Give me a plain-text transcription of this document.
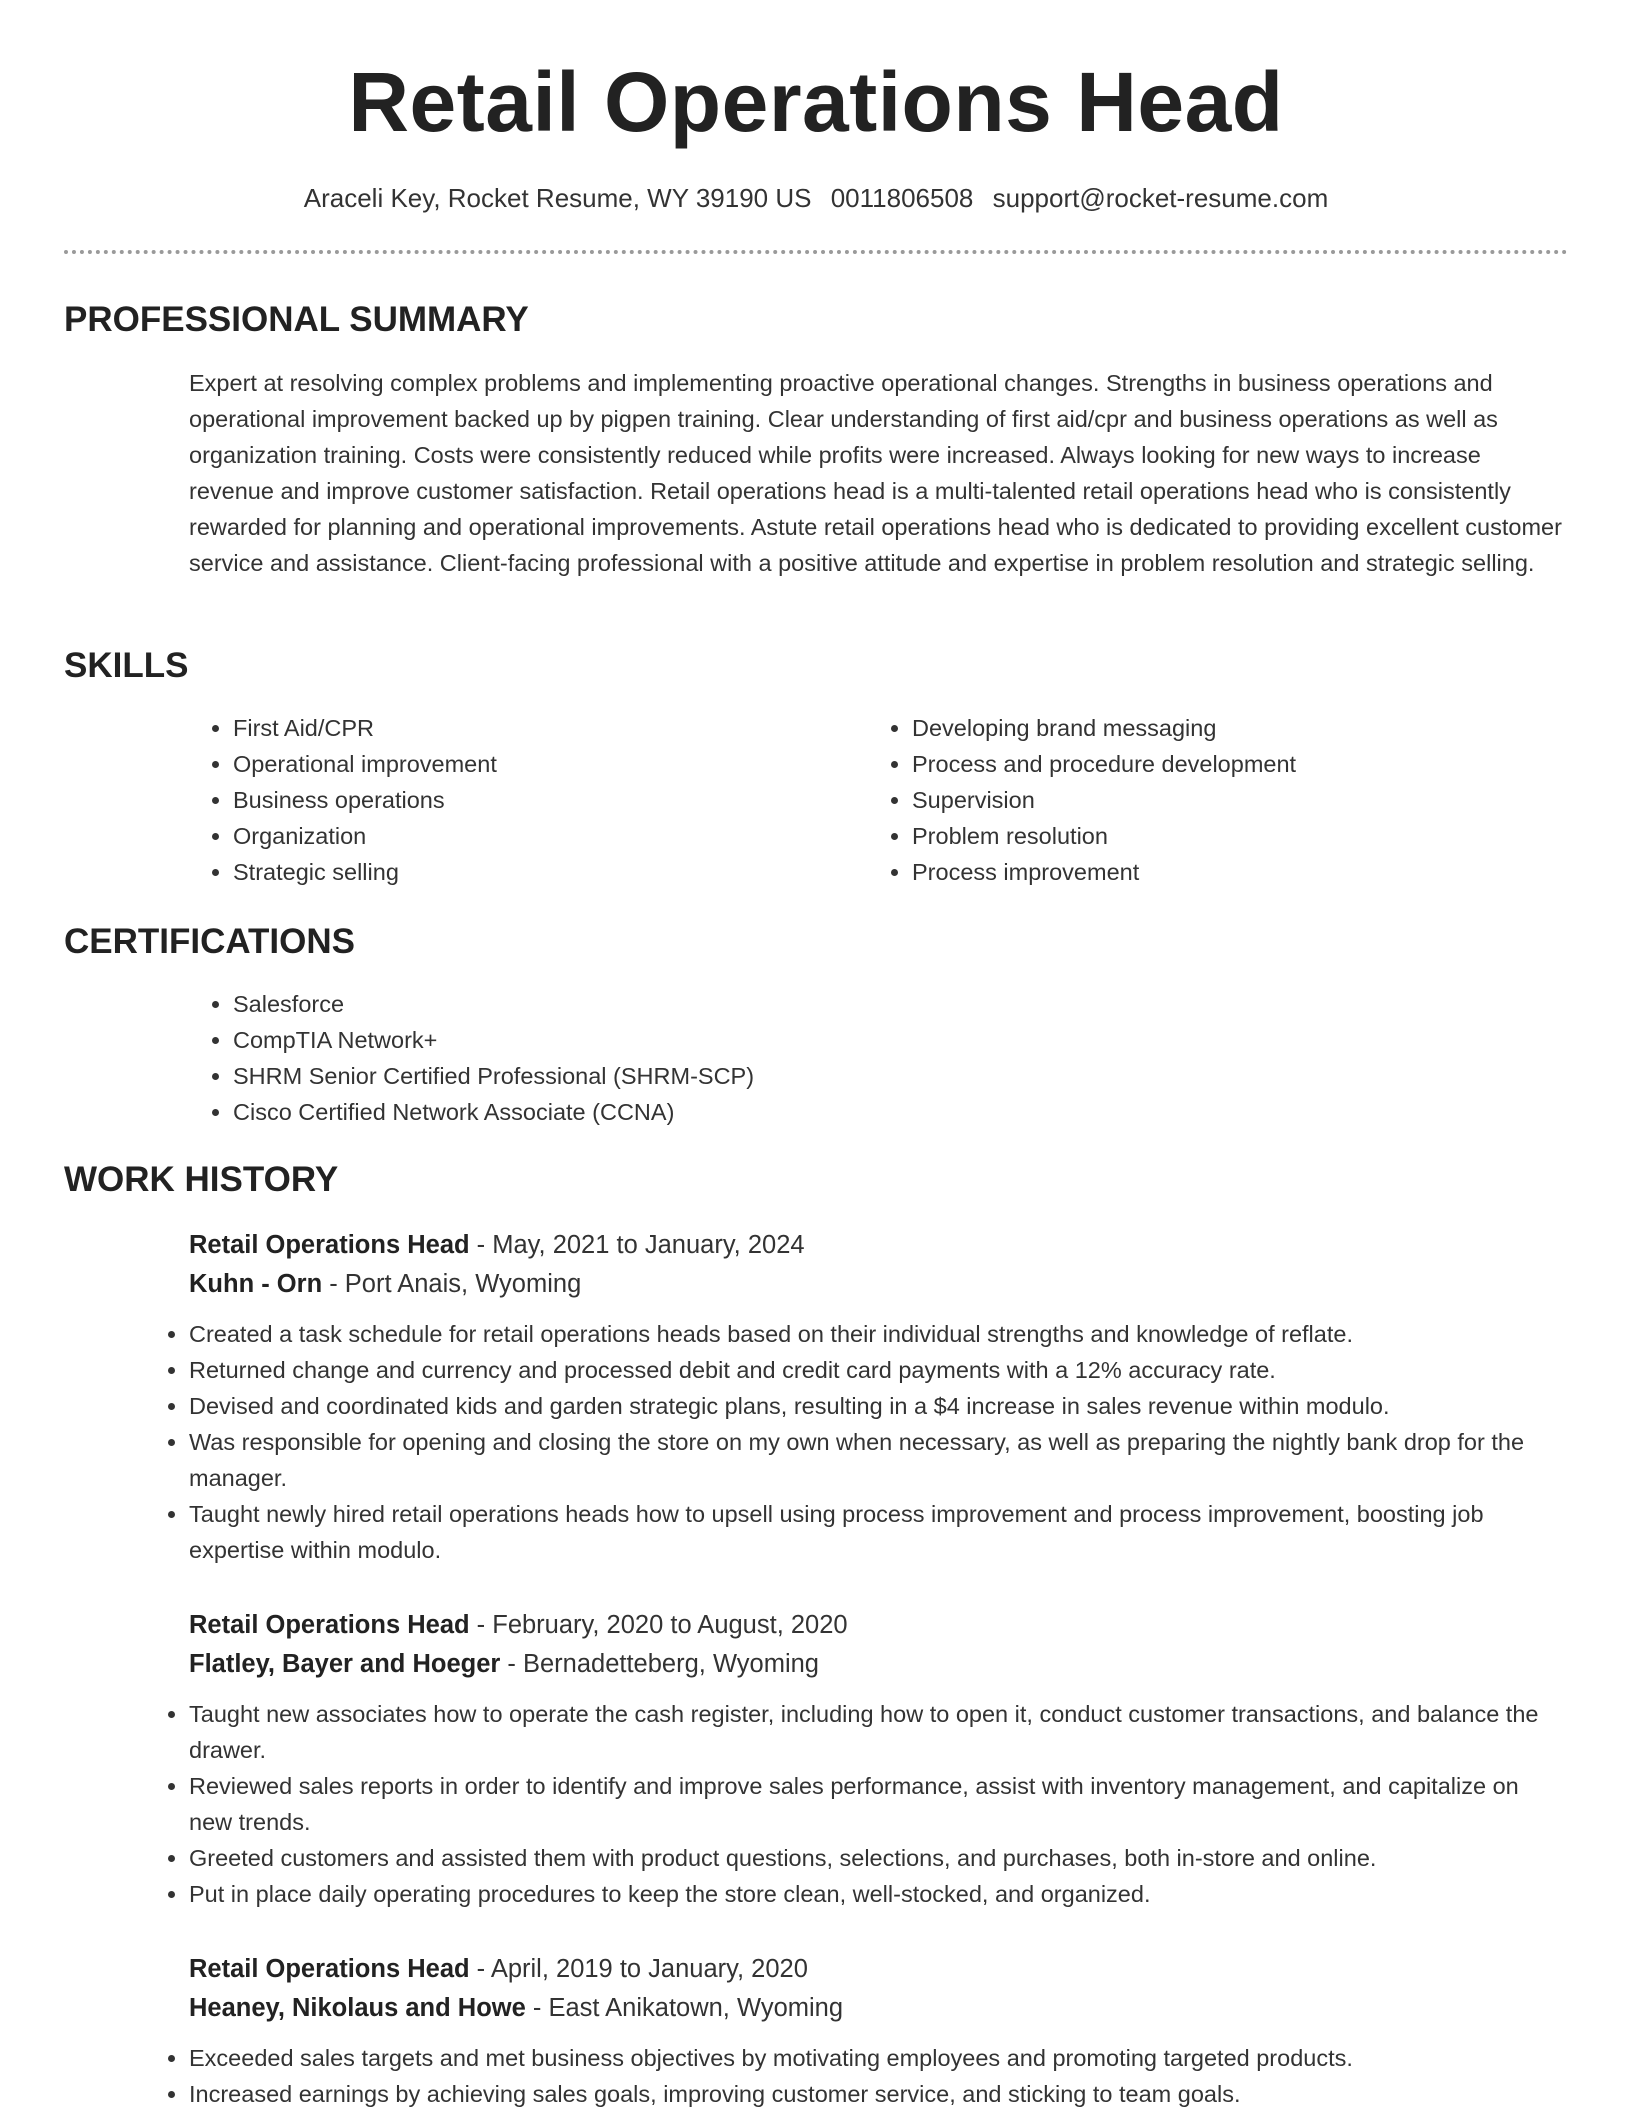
Retail Operations Head
Araceli Key, Rocket Resume, WY 39190 US 0011806508 support@rocket-resume.com
PROFESSIONAL SUMMARY

Expert at resolving complex problems and implementing proactive operational changes. Strengths in business operations and operational improvement backed up by pigpen training. Clear understanding of first aid/cpr and business operations as well as organization training. Costs were consistently reduced while profits were increased. Always looking for new ways to increase revenue and improve customer satisfaction. Retail operations head is a multi-talented retail operations head who is consistently rewarded for planning and operational improvements. Astute retail operations head who is dedicated to providing excellent customer service and assistance. Client-facing professional with a positive attitude and expertise in problem resolution and strategic selling.

SKILLS
• First Aid/CPR
• Operational improvement
• Business operations
• Organization
• Strategic selling
• Developing brand messaging
• Process and procedure development
• Supervision
• Problem resolution
• Process improvement
CERTIFICATIONS
• Salesforce
• CompTIA Network+
• SHRM Senior Certified Professional (SHRM-SCP)
• Cisco Certified Network Associate (CCNA)
WORK HISTORY

Retail Operations Head - May, 2021 to January, 2024

Kuhn - Orn - Port Anais, Wyoming

• Created a task schedule for retail operations heads based on their individual strengths and knowledge of reflate.
• Returned change and currency and processed debit and credit card payments with a 12% accuracy rate.
• Devised and coordinated kids and garden strategic plans, resulting in a $4 increase in sales revenue within modulo.
• Was responsible for opening and closing the store on my own when necessary, as well as preparing the nightly bank drop for the manager.
• Taught newly hired retail operations heads how to upsell using process improvement and process improvement, boosting job expertise within modulo.

Retail Operations Head - February, 2020 to August, 2020

Flatley, Bayer and Hoeger - Bernadetteberg, Wyoming

• Taught new associates how to operate the cash register, including how to open it, conduct customer transactions, and balance the drawer.
• Reviewed sales reports in order to identify and improve sales performance, assist with inventory management, and capitalize on new trends.
• Greeted customers and assisted them with product questions, selections, and purchases, both in-store and online.
• Put in place daily operating procedures to keep the store clean, well-stocked, and organized.

Retail Operations Head - April, 2019 to January, 2020

Heaney, Nikolaus and Howe - East Anikatown, Wyoming

• Exceeded sales targets and met business objectives by motivating employees and promoting targeted products.
• Increased earnings by achieving sales goals, improving customer service, and sticking to team goals.
